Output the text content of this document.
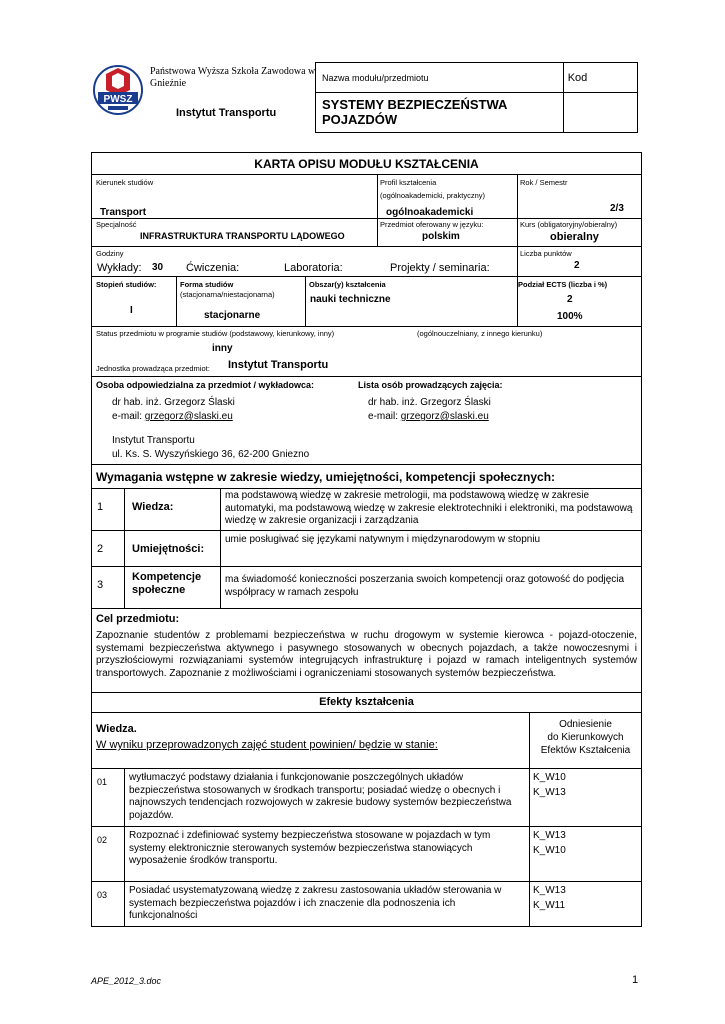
PWSZ
Państwowa Wyższa Szkoła Zawodowa w Gnieźnie
Instytut Transportu
Nazwa modułu/przedmiotu	Kod
SYSTEMY BEZPIECZEŃSTWA POJAZDÓW	
KARTA OPISU MODUŁU KSZTAŁCENIA
Kierunek studiów
Transport
Profil kształcenia
(ogólnoakademicki, praktyczny)
ogólnoakademicki
Rok / Semestr
2/3
Specjalność
INFRASTRUKTURA TRANSPORTU LĄDOWEGO
Przedmiot oferowany w języku:
polskim
Kurs (obligatoryjny/obieralny)
obieralny
Godziny
Wykłady: 30 Ćwiczenia:	Laboratoria:	Projekty / seminaria:
Liczba punktów
2
Stopień studiów:
I
Forma studiów
(stacjonarna/niestacjonarna)
stacjonarne
Obszar(y) kształcenia
nauki techniczne
Podział ECTS (liczba i %)
2
100%
Status przedmiotu w programie studiów (podstawowy, kierunkowy, inny)	(ogólnouczelniany, z innego kierunku)
inny
Jednostka prowadząca przedmiot: Instytut Transportu
Osoba odpowiedzialna za przedmiot / wykładowca:	Lista osób prowadzących zajęcia:
dr hab. inż. Grzegorz Ślaski
e-mail: grzegorz@slaski.eu
dr hab. inż. Grzegorz Ślaski
e-mail: grzegorz@slaski.eu
Instytut Transportu
ul. Ks. S. Wyszyńskiego 36, 62-200 Gniezno
Wymagania wstępne w zakresie wiedzy, umiejętności, kompetencji społecznych:
1	Wiedza:
ma podstawową wiedzę w zakresie metrologii, ma podstawową wiedzę w zakresie automatyki, ma podstawową wiedzę w zakresie elektrotechniki i elektroniki, ma podstawową wiedzę w zakresie organizacji i zarządzania
2	Umiejętności:
umie posługiwać się językami natywnym i międzynarodowym w stopniu
3
Kompetencje społeczne
ma świadomość konieczności poszerzania swoich kompetencji oraz gotowość do podjęcia współpracy w ramach zespołu
Cel przedmiotu:
Zapoznanie studentów z problemami bezpieczeństwa w ruchu drogowym w systemie kierowca - pojazd-otoczenie, systemami bezpieczeństwa aktywnego i pasywnego stosowanych w obecnych pojazdach, a także nowoczesnymi i przyszłościowymi rozwiązaniami systemów integrujących infrastrukturę i pojazd w ramach inteligentnych systemów transportowych. Zapoznanie z możliwościami i ograniczeniami stosowanych systemów bezpieczeństwa.
Efekty kształcenia
Wiedza.
W wyniku przeprowadzonych zajęć student powinien/ będzie w stanie:
Odniesienie
do Kierunkowych
Efektów Kształcenia
01 wytłumaczyć podstawy działania i funkcjonowanie poszczególnych układów bezpieczeństwa stosowanych w środkach transportu; posiadać wiedzę o obecnych i najnowszych tendencjach rozwojowych w zakresie budowy systemów bezpieczeństwa pojazdów.
K_W10
K_W13
02 Rozpoznać i zdefiniować systemy bezpieczeństwa stosowane w pojazdach w tym systemy elektronicznie sterowanych systemów bezpieczeństwa stanowiących wyposażenie środków transportu.
K_W13
K_W10
03 Posiadać usystematyzowaną wiedzę z zakresu zastosowania układów sterowania w systemach bezpieczeństwa pojazdów i ich znaczenie dla podnoszenia ich funkcjonalności
K_W13
K_W11
APE_2012_3.doc	1
